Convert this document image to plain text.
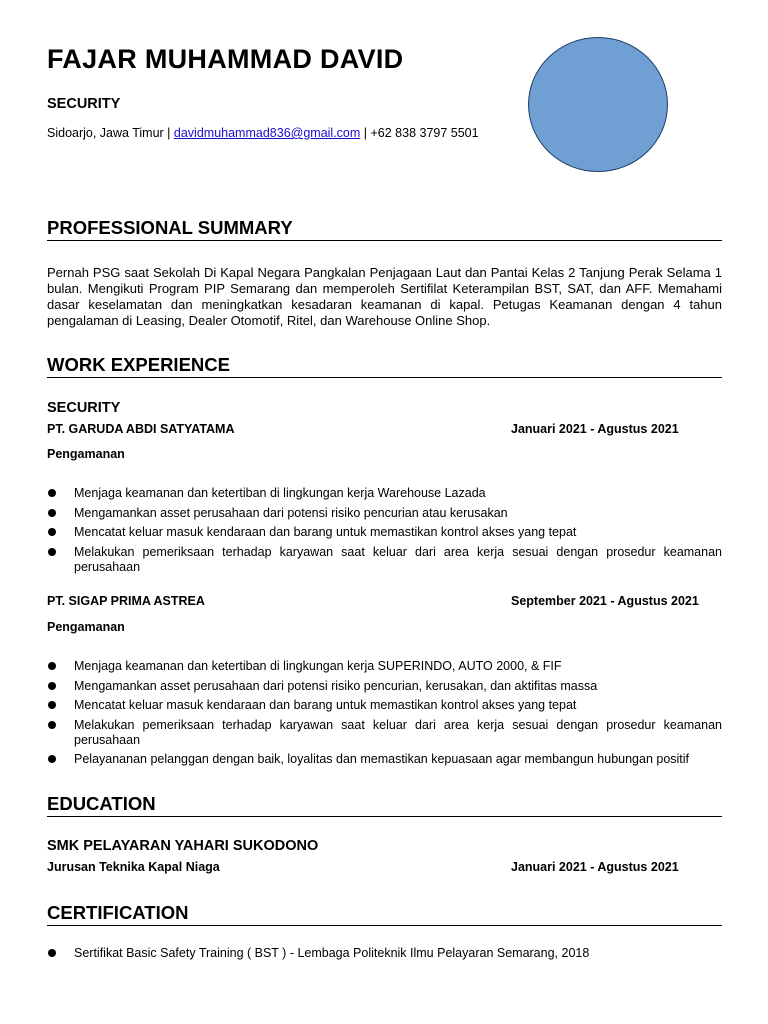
FAJAR MUHAMMAD DAVID
SECURITY
Sidoarjo, Jawa Timur | davidmuhammad836@gmail.com | +62 838 3797 5501
PROFESSIONAL SUMMARY
Pernah PSG saat Sekolah Di Kapal Negara Pangkalan Penjagaan Laut dan Pantai Kelas 2 Tanjung Perak Selama 1 bulan. Mengikuti Program PIP Semarang dan memperoleh Sertifilat Keterampilan BST, SAT, dan AFF. Memahami dasar keselamatan dan meningkatkan kesadaran keamanan di kapal. Petugas Keamanan dengan 4 tahun pengalaman di Leasing, Dealer Otomotif, Ritel, dan Warehouse Online Shop.
WORK EXPERIENCE
SECURITY
PT. GARUDA ABDI SATYATAMA	Januari 2021 - Agustus 2021
Pengamanan
Menjaga keamanan dan ketertiban di lingkungan kerja Warehouse Lazada
Mengamankan asset perusahaan dari potensi risiko pencurian atau kerusakan
Mencatat keluar masuk kendaraan dan barang untuk memastikan kontrol akses yang tepat
Melakukan pemeriksaan terhadap karyawan saat keluar dari area kerja sesuai dengan prosedur keamanan perusahaan
PT. SIGAP PRIMA ASTREA	September 2021 - Agustus 2021
Pengamanan
Menjaga keamanan dan ketertiban di lingkungan kerja SUPERINDO, AUTO 2000, & FIF
Mengamankan asset perusahaan dari potensi risiko pencurian, kerusakan, dan aktifitas massa
Mencatat keluar masuk kendaraan dan barang untuk memastikan kontrol akses yang tepat
Melakukan pemeriksaan terhadap karyawan saat keluar dari area kerja sesuai dengan prosedur keamanan perusahaan
Pelayananan pelanggan dengan baik, loyalitas dan memastikan kepuasaan agar membangun hubungan positif
EDUCATION
SMK PELAYARAN YAHARI SUKODONO
Jurusan Teknika Kapal Niaga	Januari 2021 - Agustus 2021
CERTIFICATION
Sertifikat Basic Safety Training ( BST ) - Lembaga Politeknik Ilmu Pelayaran Semarang, 2018
